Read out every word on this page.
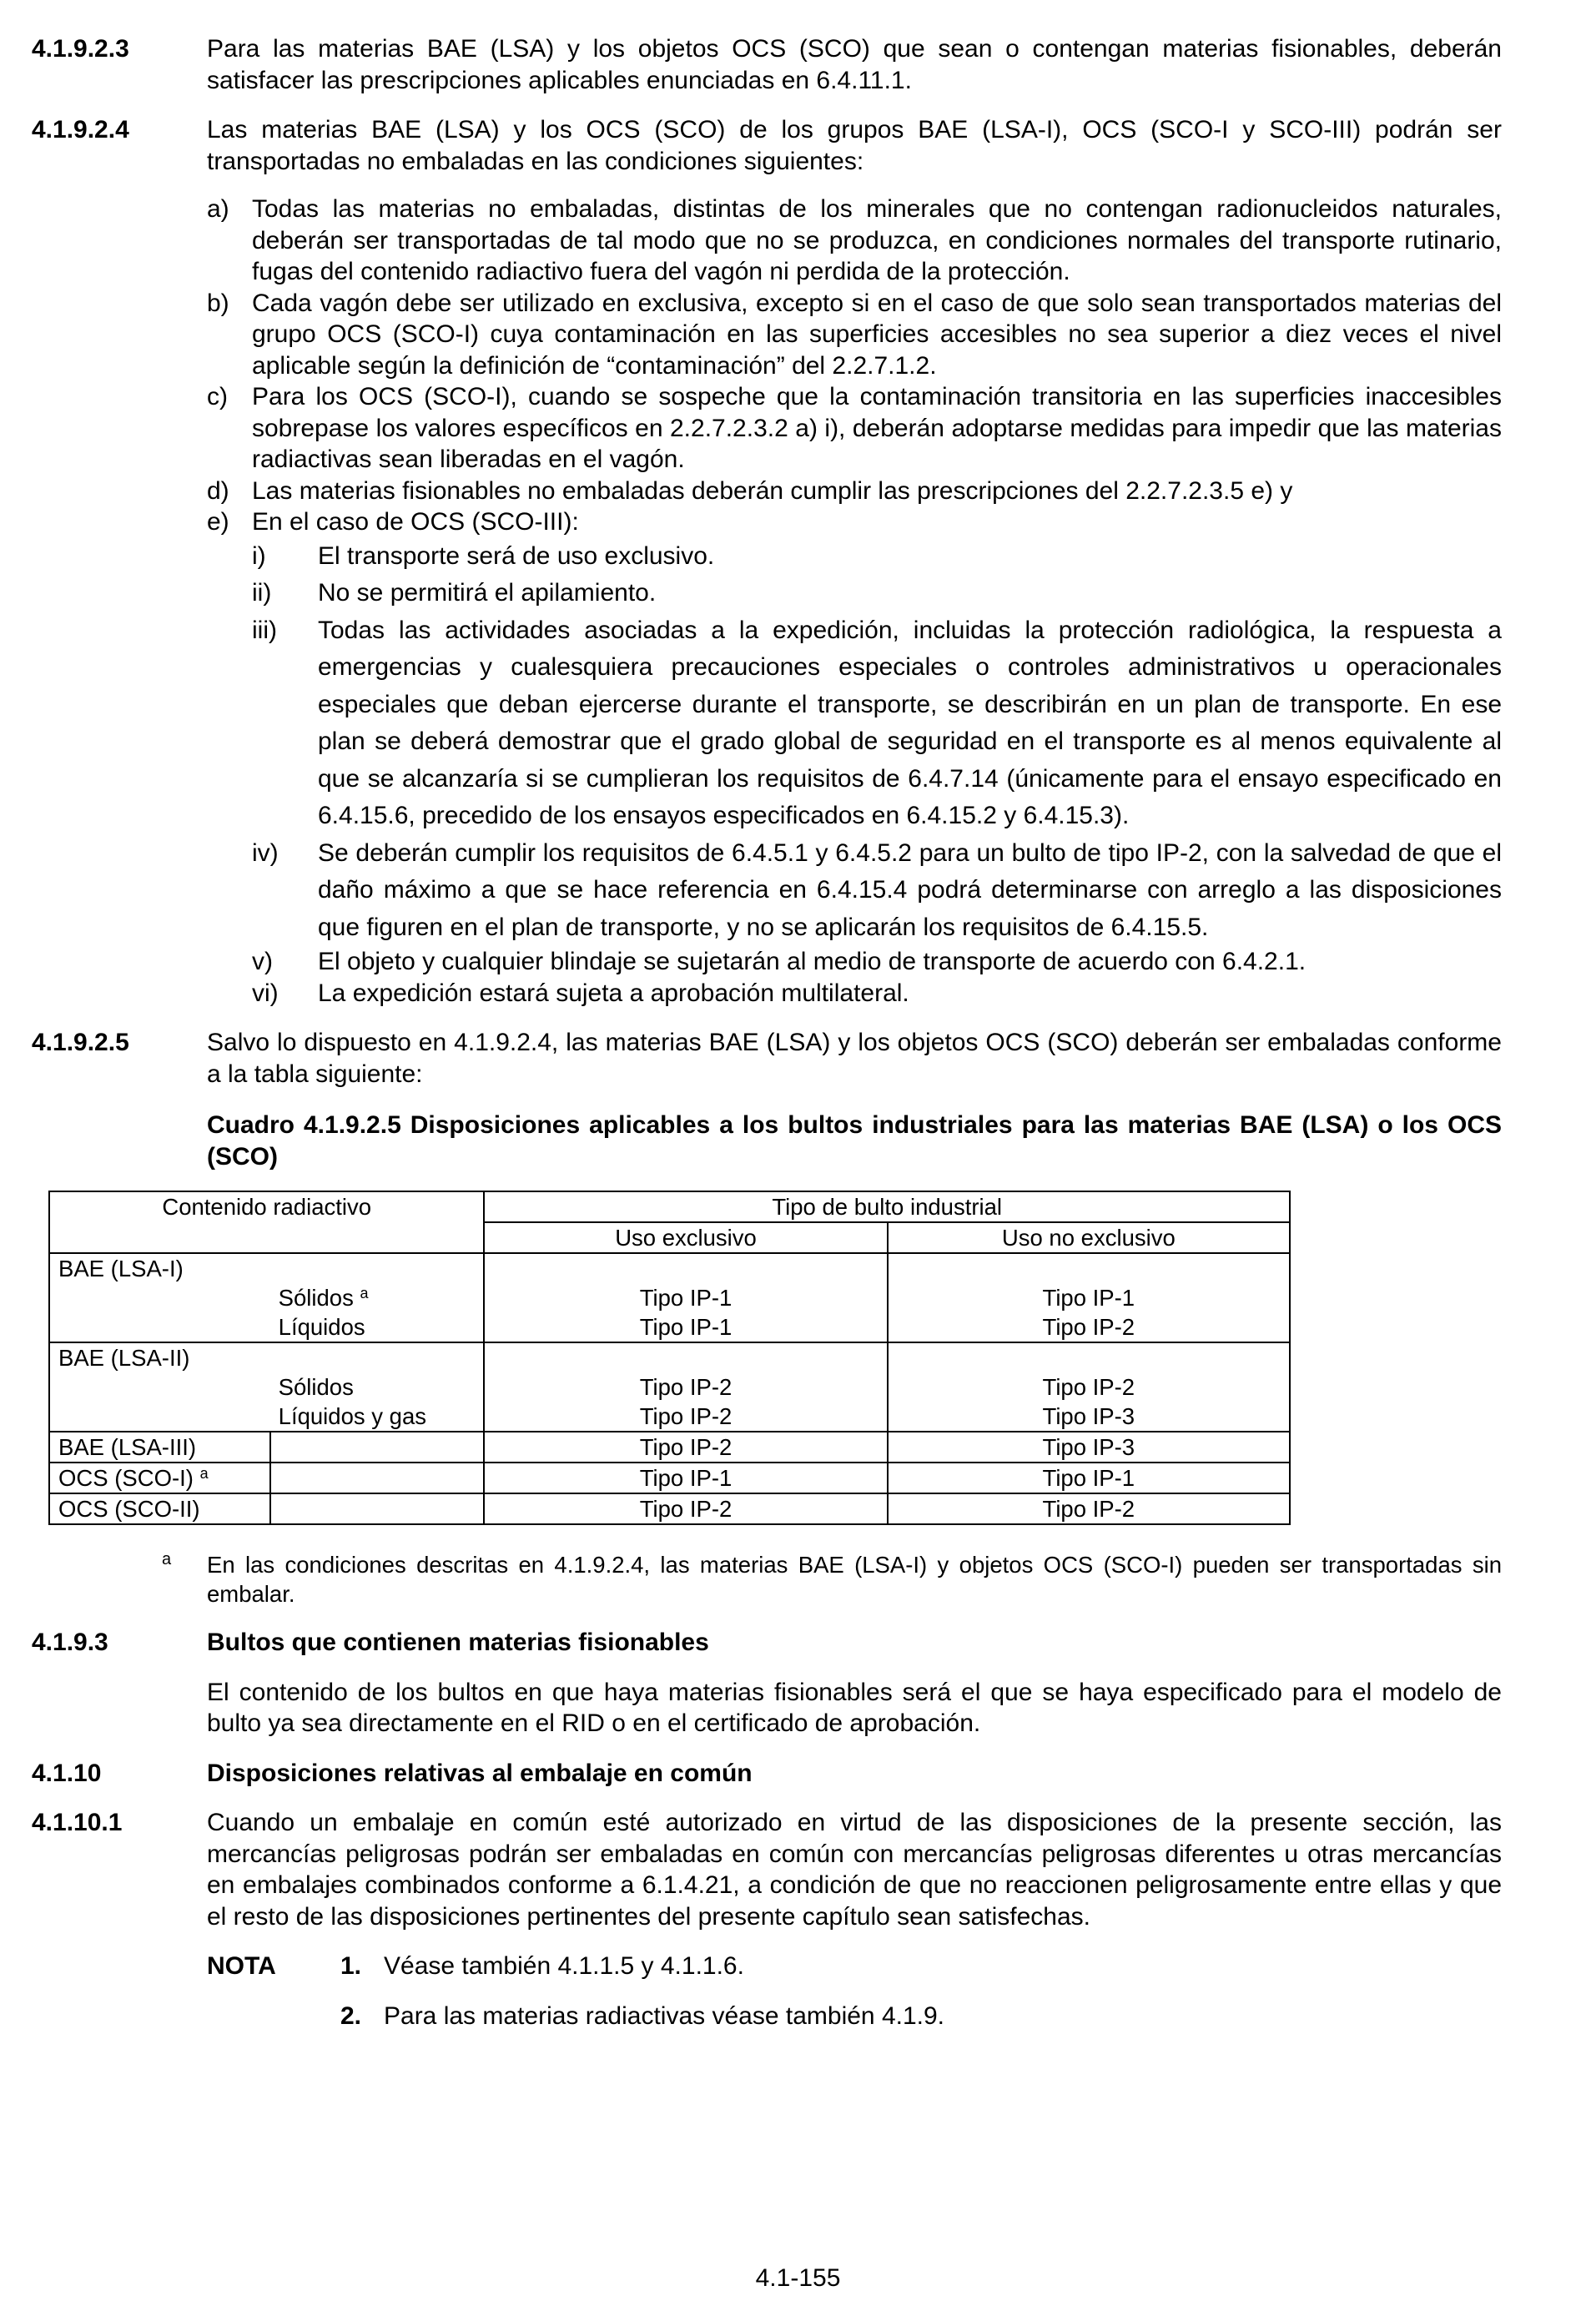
4.1.9.2.3	Para las materias BAE (LSA) y los objetos OCS (SCO) que sean o contengan materias fisionables, deberán satisfacer las prescripciones aplicables enunciadas en 6.4.11.1.
4.1.9.2.4	Las materias BAE (LSA) y los OCS (SCO) de los grupos BAE (LSA-I), OCS (SCO-I y SCO-III) podrán ser transportadas no embaladas en las condiciones siguientes:
a) Todas las materias no embaladas, distintas de los minerales que no contengan radionucleidos naturales, deberán ser transportadas de tal modo que no se produzca, en condiciones normales del transporte rutinario, fugas del contenido radiactivo fuera del vagón ni perdida de la protección.
b) Cada vagón debe ser utilizado en exclusiva, excepto si en el caso de que solo sean transportados materias del grupo OCS (SCO-I) cuya contaminación en las superficies accesibles no sea superior a diez veces el nivel aplicable según la definición de “contaminación” del 2.2.7.1.2.
c) Para los OCS (SCO-I), cuando se sospeche que la contaminación transitoria en las superficies inaccesibles sobrepase los valores específicos en 2.2.7.2.3.2 a) i), deberán adoptarse medidas para impedir que las materias radiactivas sean liberadas en el vagón.
d) Las materias fisionables no embaladas deberán cumplir las prescripciones del 2.2.7.2.3.5 e) y
e) En el caso de OCS (SCO-III):
i) El transporte será de uso exclusivo.
ii) No se permitirá el apilamiento.
iii) Todas las actividades asociadas a la expedición, incluidas la protección radiológica, la respuesta a emergencias y cualesquiera precauciones especiales o controles administrativos u operacionales especiales que deban ejercerse durante el transporte, se describirán en un plan de transporte. En ese plan se deberá demostrar que el grado global de seguridad en el transporte es al menos equivalente al que se alcanzaría si se cumplieran los requisitos de 6.4.7.14 (únicamente para el ensayo especificado en 6.4.15.6, precedido de los ensayos especificados en 6.4.15.2 y 6.4.15.3).
iv) Se deberán cumplir los requisitos de 6.4.5.1 y 6.4.5.2 para un bulto de tipo IP-2, con la salvedad de que el daño máximo a que se hace referencia en 6.4.15.4 podrá determinarse con arreglo a las disposiciones que figuren en el plan de transporte, y no se aplicarán los requisitos de 6.4.15.5.
v) El objeto y cualquier blindaje se sujetarán al medio de transporte de acuerdo con 6.4.2.1.
vi) La expedición estará sujeta a aprobación multilateral.
4.1.9.2.5	Salvo lo dispuesto en 4.1.9.2.4, las materias BAE (LSA) y los objetos OCS (SCO) deberán ser embaladas conforme a la tabla siguiente:
Cuadro 4.1.9.2.5 Disposiciones aplicables a los bultos industriales para las materias BAE (LSA) o los OCS (SCO)
Contenido radiactivo		Tipo de bulto industrial	
		Uso exclusivo	Uso no exclusivo
BAE (LSA-I)			
	Sólidos $^a$	Tipo IP-1	Tipo IP-1
	Líquidos	Tipo IP-1	Tipo IP-2
BAE (LSA-II)			
	Sólidos	Tipo IP-2	Tipo IP-2
	Líquidos y gas	Tipo IP-2	Tipo IP-3
BAE (LSA-III)		Tipo IP-2	Tipo IP-3
OCS (SCO-I) $^a$		Tipo IP-1	Tipo IP-1
OCS (SCO-II)		Tipo IP-2	Tipo IP-2
a En las condiciones descritas en 4.1.9.2.4, las materias BAE (LSA-I) y objetos OCS (SCO-I) pueden ser transportadas sin embalar.
4.1.9.3	Bultos que contienen materias fisionables
El contenido de los bultos en que haya materias fisionables será el que se haya especificado para el modelo de bulto ya sea directamente en el RID o en el certificado de aprobación.
4.1.10	Disposiciones relativas al embalaje en común
4.1.10.1	Cuando un embalaje en común esté autorizado en virtud de las disposiciones de la presente sección, las mercancías peligrosas podrán ser embaladas en común con mercancías peligrosas diferentes u otras mercancías en embalajes combinados conforme a 6.1.4.21, a condición de que no reaccionen peligrosamente entre ellas y que el resto de las disposiciones pertinentes del presente capítulo sean satisfechas.
NOTA	1. Véase también 4.1.1.5 y 4.1.1.6.
2. Para las materias radiactivas véase también 4.1.9.
4.1-155
